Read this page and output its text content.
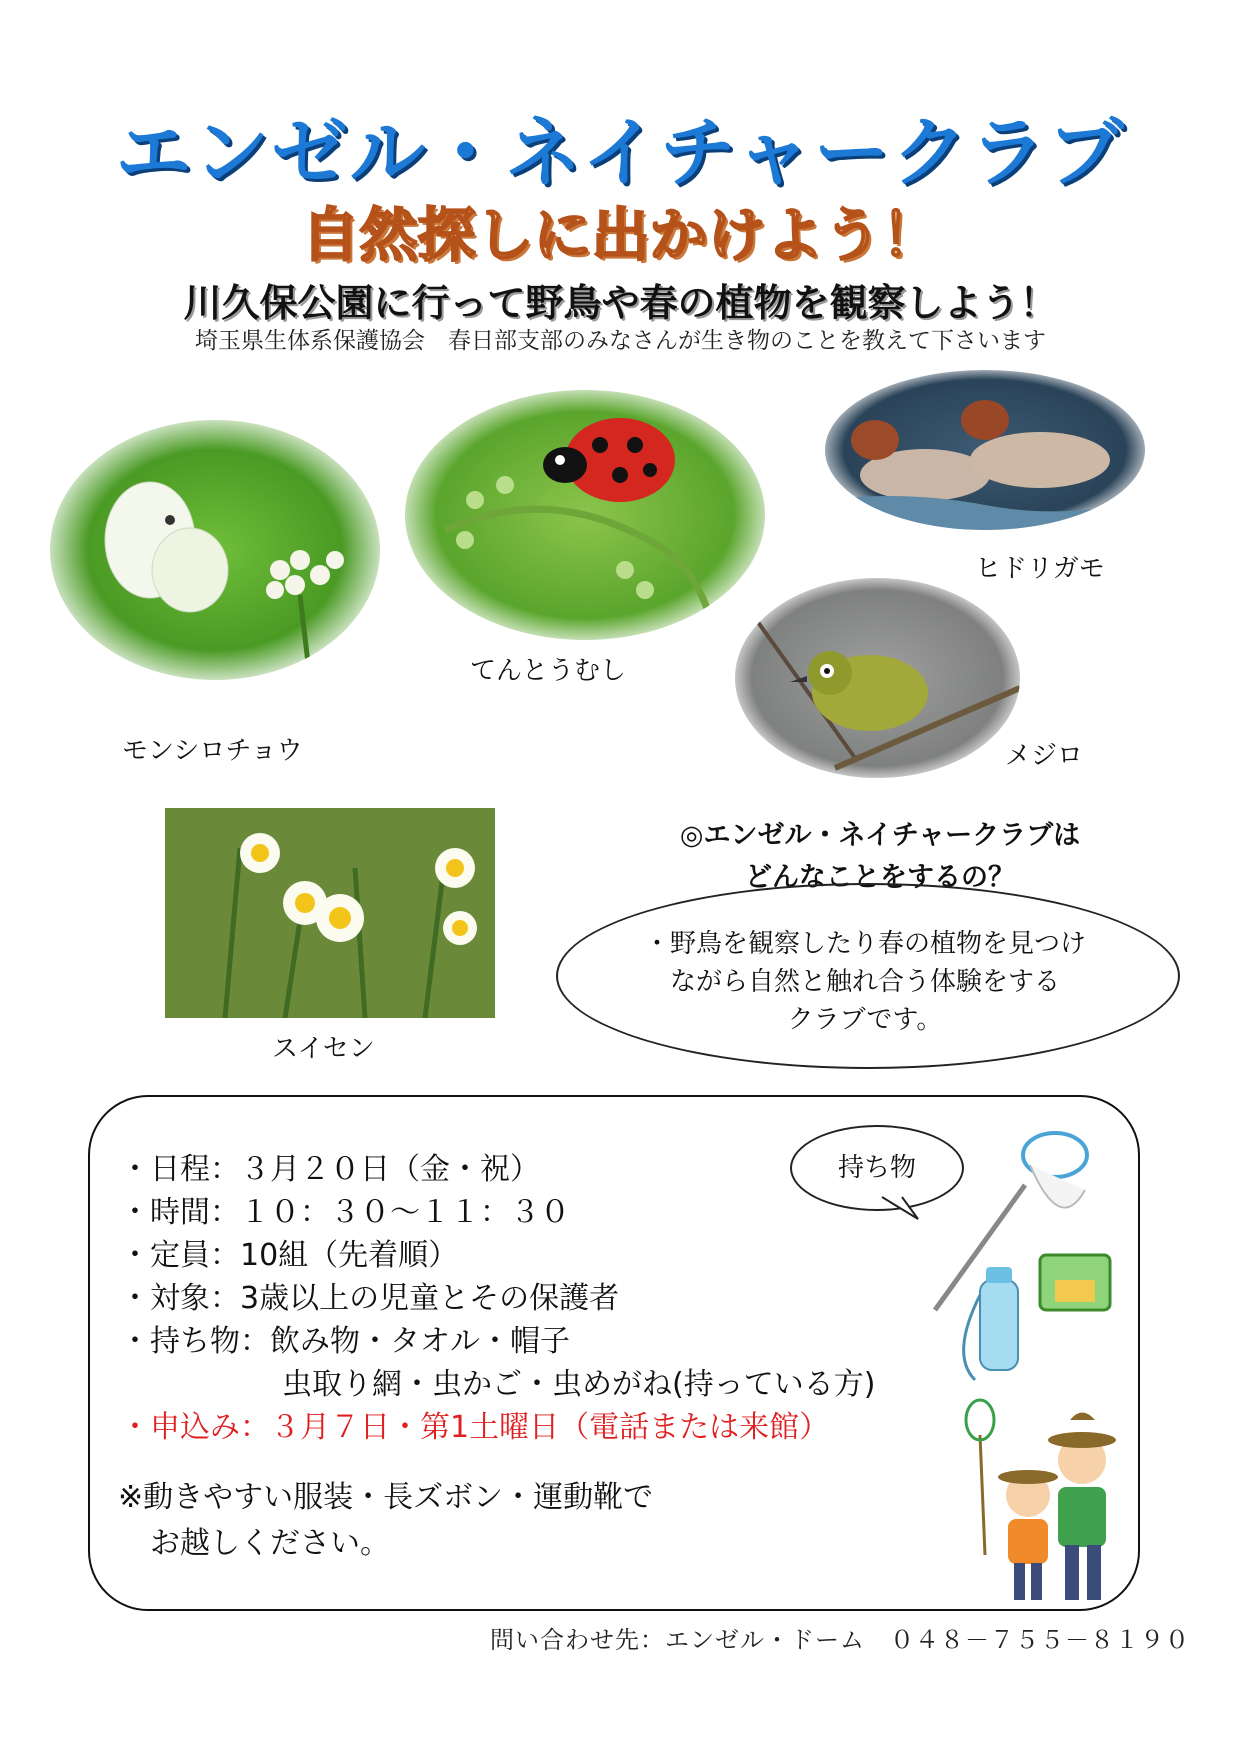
エンゼル・ネイチャークラブ
自然探しに出かけよう！
川久保公園に行って野鳥や春の植物を観察しよう！
埼玉県生体系保護協会　春日部支部のみなさんが生き物のことを教えて下さいます
モンシロチョウ
てんとうむし
ヒドリガモ
メジロ
スイセン
◎エンゼル・ネイチャークラブは
どんなことをするの？
・野鳥を観察したり春の植物を見つけ
ながら自然と触れ合う体験をする
クラブです。
・日程：３月２０日（金・祝）
・時間：１０：３０～１１：３０
・定員：10組（先着順）
・対象：3歳以上の児童とその保護者
・持ち物：飲み物・タオル・帽子
虫取り網・虫かご・虫めがね(持っている方)
・申込み：３月７日・第1土曜日（電話または来館）
※動きやすい服装・長ズボン・運動靴で
お越しください。
持ち物
問い合わせ先：エンゼル・ドーム　０４８－７５５－８１９０
